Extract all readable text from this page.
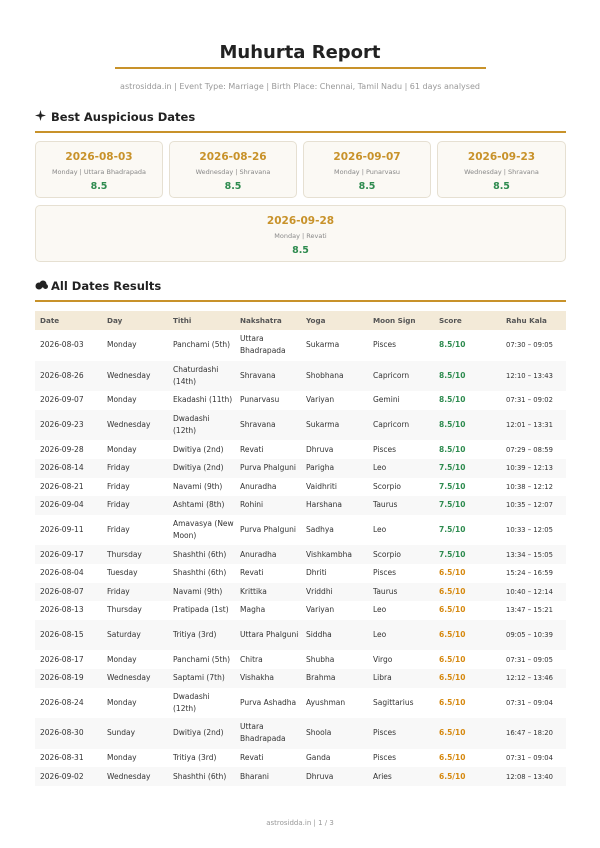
Muhurta Report
astrosidda.in | Event Type: Marriage | Birth Place: Chennai, Tamil Nadu | 61 days analysed
Best Auspicious Dates
2026-08-03
Monday | Uttara Bhadrapada
8.5
2026-08-26
Wednesday | Shravana
8.5
2026-09-07
Monday | Punarvasu
8.5
2026-09-23
Wednesday | Shravana
8.5
2026-09-28
Monday | Revati
8.5
All Dates Results
Date	Day	Tithi	Nakshatra	Yoga	Moon Sign	Score	Rahu Kala
2026-08-03	Monday	Panchami (5th)	Uttara Bhadrapada	Sukarma	Pisces	8.5/10	07:30 – 09:05
2026-08-26	Wednesday	Chaturdashi (14th)	Shravana	Shobhana	Capricorn	8.5/10	12:10 – 13:43
2026-09-07	Monday	Ekadashi (11th)	Punarvasu	Variyan	Gemini	8.5/10	07:31 – 09:02
2026-09-23	Wednesday	Dwadashi (12th)	Shravana	Sukarma	Capricorn	8.5/10	12:01 – 13:31
2026-09-28	Monday	Dwitiya (2nd)	Revati	Dhruva	Pisces	8.5/10	07:29 – 08:59
2026-08-14	Friday	Dwitiya (2nd)	Purva Phalguni	Parigha	Leo	7.5/10	10:39 – 12:13
2026-08-21	Friday	Navami (9th)	Anuradha	Vaidhriti	Scorpio	7.5/10	10:38 – 12:12
2026-09-04	Friday	Ashtami (8th)	Rohini	Harshana	Taurus	7.5/10	10:35 – 12:07
2026-09-11	Friday	Amavasya (New Moon)	Purva Phalguni	Sadhya	Leo	7.5/10	10:33 – 12:05
2026-09-17	Thursday	Shashthi (6th)	Anuradha	Vishkambha	Scorpio	7.5/10	13:34 – 15:05
2026-08-04	Tuesday	Shashthi (6th)	Revati	Dhriti	Pisces	6.5/10	15:24 – 16:59
2026-08-07	Friday	Navami (9th)	Krittika	Vriddhi	Taurus	6.5/10	10:40 – 12:14
2026-08-13	Thursday	Pratipada (1st)	Magha	Variyan	Leo	6.5/10	13:47 – 15:21
2026-08-15	Saturday	Tritiya (3rd)	Uttara Phalguni	Siddha	Leo	6.5/10	09:05 – 10:39
2026-08-17	Monday	Panchami (5th)	Chitra	Shubha	Virgo	6.5/10	07:31 – 09:05
2026-08-19	Wednesday	Saptami (7th)	Vishakha	Brahma	Libra	6.5/10	12:12 – 13:46
2026-08-24	Monday	Dwadashi (12th)	Purva Ashadha	Ayushman	Sagittarius	6.5/10	07:31 – 09:04
2026-08-30	Sunday	Dwitiya (2nd)	Uttara Bhadrapada	Shoola	Pisces	6.5/10	16:47 – 18:20
2026-08-31	Monday	Tritiya (3rd)	Revati	Ganda	Pisces	6.5/10	07:31 – 09:04
2026-09-02	Wednesday	Shashthi (6th)	Bharani	Dhruva	Aries	6.5/10	12:08 – 13:40
astrosidda.in | 1 / 3
